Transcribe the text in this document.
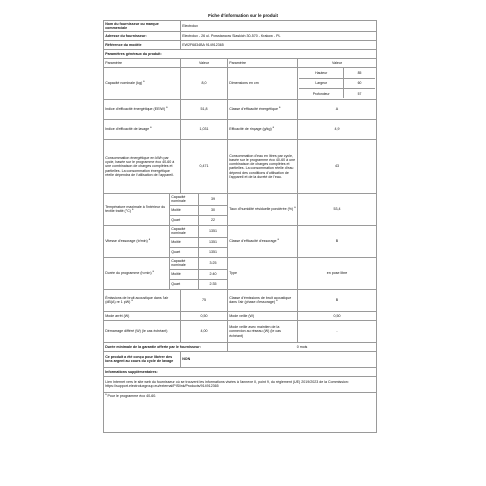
Fiche d'information sur le produit
Nom du fournisseur ou marque commerciale	Electrolux
Adresse du fournisseur:	Electrolux - 26 ul. Powstancow Slaskich 30-570 - Krakow - PL
Référence du modèle	EW2F6834BA 914912365
Paramètres généraux du produit:
Paramètre	Valeur	Paramètre	Valeur
Capacité nominale (kg) $^a$	8,0	Dimensions en cm	
Hauteur	85
Largeur	60
Profondeur	57

Indice d'efficacité énergétique (EEIW) $^a$	51,8	Classe d'efficacité énergétique $^a$	A
Indice d'efficacité de lavage $^a$	1,031	Efficacité de rinçage (g/kg) $^a$	4,9
Consommation énergétique en kWh par cycle, basée sur le programme éco 40-60 à une combinaison de charges complètes et partielles. La consommation énergétique réelle dépendra de l'utilisation de l'appareil.	0,471	Consommation d'eau en litres par cycle, basée sur le programme éco 40-60 à une combinaison de charges complètes et partielles. La consommation réelle d'eau dépend des conditions d'utilisation de l'appareil et de la dureté de l'eau.	43
Température maximale à l'intérieur du textile traité (°C) $^a$	Capacité nominale	39	Taux d'humidité résiduelle pondérée (%) $^a$	53,4
Moitié	30
Quart	22
Vitesse d'essorage (tr/min) $^a$	Capacité nominale	1351	Classe d'efficacité d'essorage $^a$	B
Moitié	1351
Quart	1351
Durée du programme (h:min) $^a$	Capacité nominale	3:25	Type	en pose libre
Moitié	2:40
Quart	2:35
Émissions de bruit acoustique dans l'air (dB(A) re 1 pW) $^a$	75	Classe d'émissions de bruit acoustique dans l'air (phase d'essorage) $^a$	B
Mode arrêt (W)	0,50	Mode veille (W)	0,50
Démarrage différé (W) (le cas échéant)	4,00	Mode veille avec maintien de la connexion au réseau (W) (le cas échéant)	-
Durée minimale de la garantie offerte par le fournisseur:	0 mois
Ce produit a été conçu pour libérer des ions argent au cours du cycle de lavage	NON
Informations supplémentaires:
Lien Internet vers le site web du fournisseur où se trouvent les informations visées à l'annexe II, point 9, du règlement (UE) 2019/2023 de la Commission: https://support.electroluxgroup.eu/external/PISlink/Products/914912365
$^a$ Pour le programme éco 40-60.
